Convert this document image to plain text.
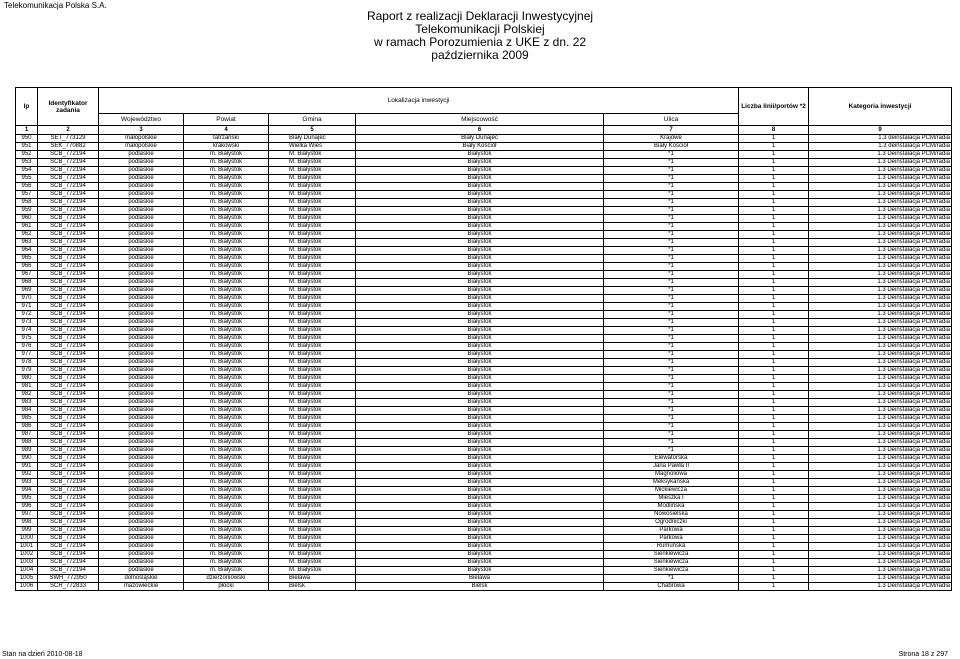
Telekomunikacja Polska S.A.
Raport z realizacji Deklaracji Inwestycyjnej Telekomunikacji Polskiej
w ramach Porozumienia z UKE z dn. 22 października 2009
lp	Identyfikator zadania	Lokalizacja inwestycji					Liczba linii/portów *2	Kategoria inwestycji
		Województwo	Powiat	Gmina	Miejscowość	Ulica		
1	2	3	4	5	6	7	8	9
950	SET_773129	małopolskie	tatrzański	Biały Dunajec	Biały Dunajec	Krajowe	1	1.3 deinstalacja PCM/radia
951	SEK_770882	małopolskie	krakowski	Wielka Wieś	Biały Kościół	Biały Kościół	1	1.3 deinstalacja PCM/radia
952	SCB_772194	podlaskie	m. Białystok	M. Białystok	Białystok	*1	1	1.3 Deinstalacja PCM/radia
953	SCB_772194	podlaskie	m. Białystok	M. Białystok	Białystok	*1	1	1.3 Deinstalacja PCM/radia
954	SCB_772194	podlaskie	m. Białystok	M. Białystok	Białystok	*1	1	1.3 Deinstalacja PCM/radia
955	SCB_772194	podlaskie	m. Białystok	M. Białystok	Białystok	*1	1	1.3 Deinstalacja PCM/radia
956	SCB_772194	podlaskie	m. Białystok	M. Białystok	Białystok	*1	1	1.3 Deinstalacja PCM/radia
957	SCB_772194	podlaskie	m. Białystok	M. Białystok	Białystok	*1	1	1.3 Deinstalacja PCM/radia
958	SCB_772194	podlaskie	m. Białystok	M. Białystok	Białystok	*1	1	1.3 Deinstalacja PCM/radia
959	SCB_772194	podlaskie	m. Białystok	M. Białystok	Białystok	*1	1	1.3 Deinstalacja PCM/radia
960	SCB_772194	podlaskie	m. Białystok	M. Białystok	Białystok	*1	1	1.3 Deinstalacja PCM/radia
961	SCB_772194	podlaskie	m. Białystok	M. Białystok	Białystok	*1	1	1.3 Deinstalacja PCM/radia
962	SCB_772194	podlaskie	m. Białystok	M. Białystok	Białystok	*1	1	1.3 Deinstalacja PCM/radia
963	SCB_772194	podlaskie	m. Białystok	M. Białystok	Białystok	*1	1	1.3 Deinstalacja PCM/radia
964	SCB_772194	podlaskie	m. Białystok	M. Białystok	Białystok	*1	1	1.3 Deinstalacja PCM/radia
965	SCB_772194	podlaskie	m. Białystok	M. Białystok	Białystok	*1	1	1.3 Deinstalacja PCM/radia
966	SCB_772194	podlaskie	m. Białystok	M. Białystok	Białystok	*1	1	1.3 Deinstalacja PCM/radia
967	SCB_772194	podlaskie	m. Białystok	M. Białystok	Białystok	*1	1	1.3 Deinstalacja PCM/radia
968	SCB_772194	podlaskie	m. Białystok	M. Białystok	Białystok	*1	1	1.3 Deinstalacja PCM/radia
969	SCB_772194	podlaskie	m. Białystok	M. Białystok	Białystok	*1	1	1.3 Deinstalacja PCM/radia
970	SCB_772194	podlaskie	m. Białystok	M. Białystok	Białystok	*1	1	1.3 Deinstalacja PCM/radia
971	SCB_772194	podlaskie	m. Białystok	M. Białystok	Białystok	*1	1	1.3 Deinstalacja PCM/radia
972	SCB_772194	podlaskie	m. Białystok	M. Białystok	Białystok	*1	1	1.3 Deinstalacja PCM/radia
973	SCB_772194	podlaskie	m. Białystok	M. Białystok	Białystok	*1	1	1.3 Deinstalacja PCM/radia
974	SCB_772194	podlaskie	m. Białystok	M. Białystok	Białystok	*1	1	1.3 Deinstalacja PCM/radia
975	SCB_772194	podlaskie	m. Białystok	M. Białystok	Białystok	*1	1	1.3 Deinstalacja PCM/radia
976	SCB_772194	podlaskie	m. Białystok	M. Białystok	Białystok	*1	1	1.3 Deinstalacja PCM/radia
977	SCB_772194	podlaskie	m. Białystok	M. Białystok	Białystok	*1	1	1.3 Deinstalacja PCM/radia
978	SCB_772194	podlaskie	m. Białystok	M. Białystok	Białystok	*1	1	1.3 Deinstalacja PCM/radia
979	SCB_772194	podlaskie	m. Białystok	M. Białystok	Białystok	*1	1	1.3 Deinstalacja PCM/radia
980	SCB_772194	podlaskie	m. Białystok	M. Białystok	Białystok	*1	1	1.3 Deinstalacja PCM/radia
981	SCB_772194	podlaskie	m. Białystok	M. Białystok	Białystok	*1	1	1.3 Deinstalacja PCM/radia
982	SCB_772194	podlaskie	m. Białystok	M. Białystok	Białystok	*1	1	1.3 Deinstalacja PCM/radia
983	SCB_772194	podlaskie	m. Białystok	M. Białystok	Białystok	*1	1	1.3 Deinstalacja PCM/radia
984	SCB_772194	podlaskie	m. Białystok	M. Białystok	Białystok	*1	1	1.3 Deinstalacja PCM/radia
985	SCB_772194	podlaskie	m. Białystok	M. Białystok	Białystok	*1	1	1.3 Deinstalacja PCM/radia
986	SCB_772194	podlaskie	m. Białystok	M. Białystok	Białystok	*1	1	1.3 Deinstalacja PCM/radia
987	SCB_772194	podlaskie	m. Białystok	M. Białystok	Białystok	*1	1	1.3 Deinstalacja PCM/radia
988	SCB_772194	podlaskie	m. Białystok	M. Białystok	Białystok	*1	1	1.3 Deinstalacja PCM/radia
989	SCB_772194	podlaskie	m. Białystok	M. Białystok	Białystok	*1	1	1.3 Deinstalacja PCM/radia
990	SCB_772194	podlaskie	m. Białystok	M. Białystok	Białystok	Elewatorska	1	1.3 Deinstalacja PCM/radia
991	SCB_772194	podlaskie	m. Białystok	M. Białystok	Białystok	Jana Pawła II	1	1.3 Deinstalacja PCM/radia
992	SCB_772194	podlaskie	m. Białystok	M. Białystok	Białystok	Magnoliowa	1	1.3 Deinstalacja PCM/radia
993	SCB_772194	podlaskie	m. Białystok	M. Białystok	Białystok	Meksykańska	1	1.3 Deinstalacja PCM/radia
994	SCB_772194	podlaskie	m. Białystok	M. Białystok	Białystok	Mickiewicza	1	1.3 Deinstalacja PCM/radia
995	SCB_772194	podlaskie	m. Białystok	M. Białystok	Białystok	Mieszka I	1	1.3 Deinstalacja PCM/radia
996	SCB_772194	podlaskie	m. Białystok	M. Białystok	Białystok	Modlińska	1	1.3 Deinstalacja PCM/radia
997	SCB_772194	podlaskie	m. Białystok	M. Białystok	Białystok	Nowosielska	1	1.3 Deinstalacja PCM/radia
998	SCB_772194	podlaskie	m. Białystok	M. Białystok	Białystok	Ogrodniczki	1	1.3 Deinstalacja PCM/radia
999	SCB_772194	podlaskie	m. Białystok	M. Białystok	Białystok	Parkowa	1	1.3 Deinstalacja PCM/radia
1000	SCB_772194	podlaskie	m. Białystok	M. Białystok	Białystok	Parkowa	1	1.3 Deinstalacja PCM/radia
1001	SCB_772194	podlaskie	m. Białystok	M. Białystok	Białystok	Rumuńska	1	1.3 Deinstalacja PCM/radia
1002	SCB_772194	podlaskie	m. Białystok	M. Białystok	Białystok	Sienkiewicza	1	1.3 Deinstalacja PCM/radia
1003	SCB_772194	podlaskie	m. Białystok	M. Białystok	Białystok	Sienkiewicza	1	1.3 Deinstalacja PCM/radia
1004	SCB_772194	podlaskie	m. Białystok	M. Białystok	Białystok	Sienkiewicza	1	1.3 Deinstalacja PCM/radia
1005	SWH_772950	dolnośląskie	dzierżoniowski	Bielawa	Bielawa	*1	1	1.3 Deinstalacja PCM/radia
1006	SCR_772833	mazowieckie	płocki	Bielsk	Bielsk	Chabrowa	1	1.3 Deinstalacja PCM/radia
Stan na dzień 2010-08-18	Strona 18 z 297
